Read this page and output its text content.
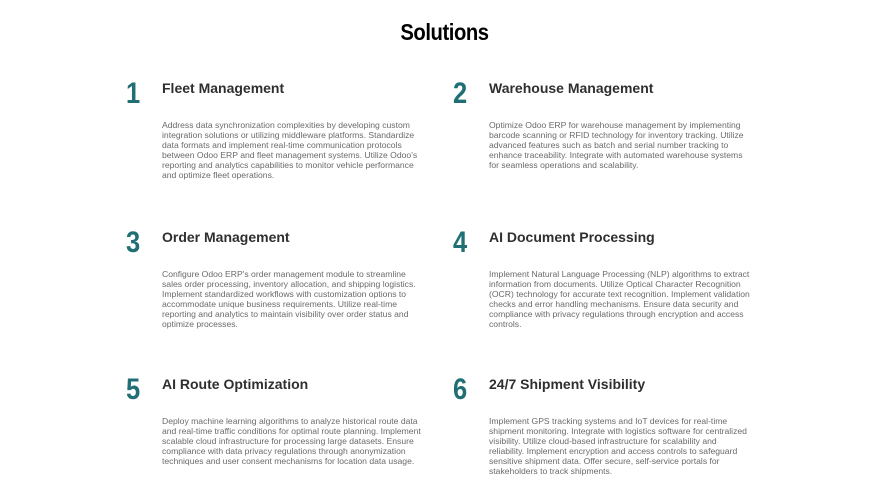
Solutions
1 Fleet Management
Address data synchronization complexities by developing custom integration solutions or utilizing middleware platforms. Standardize data formats and implement real-time communication protocols between Odoo ERP and fleet management systems. Utilize Odoo's reporting and analytics capabilities to monitor vehicle performance and optimize fleet operations.
2 Warehouse Management
Optimize Odoo ERP for warehouse management by implementing barcode scanning or RFID technology for inventory tracking. Utilize advanced features such as batch and serial number tracking to enhance traceability. Integrate with automated warehouse systems for seamless operations and scalability.
3 Order Management
Configure Odoo ERP's order management module to streamline sales order processing, inventory allocation, and shipping logistics. Implement standardized workflows with customization options to accommodate unique business requirements. Utilize real-time reporting and analytics to maintain visibility over order status and optimize processes.
4 AI Document Processing
Implement Natural Language Processing (NLP) algorithms to extract information from documents. Utilize Optical Character Recognition (OCR) technology for accurate text recognition. Implement validation checks and error handling mechanisms. Ensure data security and compliance with privacy regulations through encryption and access controls.
5 AI Route Optimization
Deploy machine learning algorithms to analyze historical route data and real-time traffic conditions for optimal route planning. Implement scalable cloud infrastructure for processing large datasets. Ensure compliance with data privacy regulations through anonymization techniques and user consent mechanisms for location data usage.
6 24/7 Shipment Visibility
Implement GPS tracking systems and IoT devices for real-time shipment monitoring. Integrate with logistics software for centralized visibility. Utilize cloud-based infrastructure for scalability and reliability. Implement encryption and access controls to safeguard sensitive shipment data. Offer secure, self-service portals for stakeholders to track shipments.
